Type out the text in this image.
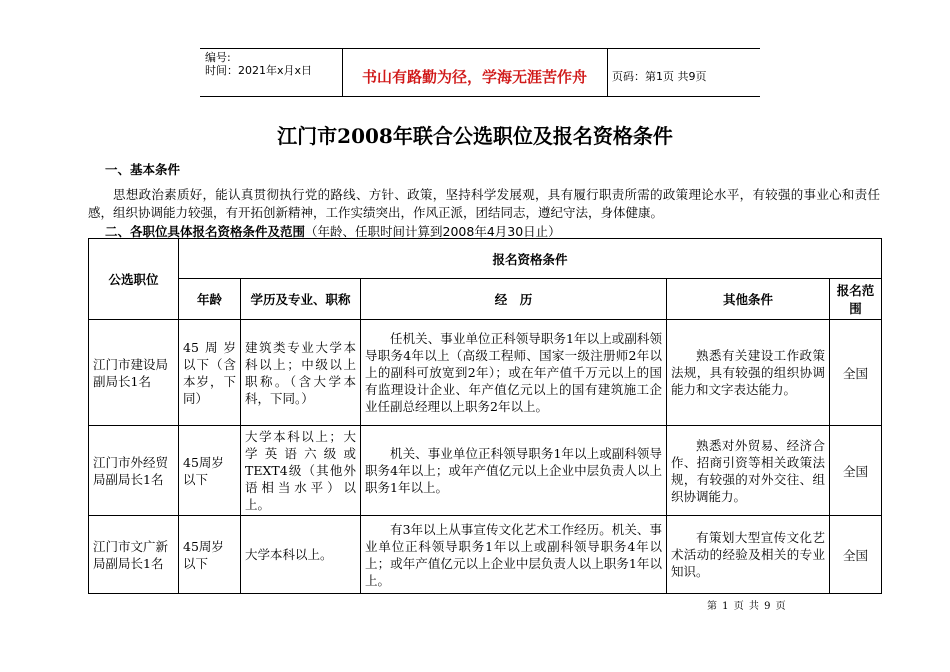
编号:
时间：2021年x月x日	书山有路勤为径，学海无涯苦作舟	页码：第1页 共9页
江门市2008年联合公选职位及报名资格条件
一、基本条件
思想政治素质好，能认真贯彻执行党的路线、方针、政策，坚持科学发展观，具有履行职责所需的政策理论水平，有较强的事业心和责任感，组织协调能力较强，有开拓创新精神，工作实绩突出，作风正派，团结同志，遵纪守法，身体健康。
二、各职位具体报名资格条件及范围（年龄、任职时间计算到2008年4月30日止）
公选职位	报名资格条件				
	年龄	学历及专业、职称	经　历	其他条件	报名范围
江门市建设局副局长1名	45周岁以下（含本岁，下同）	建筑类专业大学本科以上；中级以上职称。（含大学本科，下同。）	任机关、事业单位正科领导职务1年以上或副科领导职务4年以上（高级工程师、国家一级注册师2年以上的副科可放宽到2年）；或在年产值千万元以上的国有监理设计企业、年产值亿元以上的国有建筑施工企业任副总经理以上职务2年以上。	熟悉有关建设工作政策法规，具有较强的组织协调能力和文字表达能力。	全国
江门市外经贸局副局长1名	45周岁以下	大学本科以上；大学英语六级或TEXT4级（其他外语相当水平）以上。	机关、事业单位正科领导职务1年以上或副科领导职务4年以上；或年产值亿元以上企业中层负责人以上职务1年以上。	熟悉对外贸易、经济合作、招商引资等相关政策法规，有较强的对外交往、组织协调能力。	全国
江门市文广新局副局长1名	45周岁以下	大学本科以上。	有3年以上从事宣传文化艺术工作经历。机关、事业单位正科领导职务1年以上或副科领导职务4年以上；或年产值亿元以上企业中层负责人以上职务1年以上。	有策划大型宣传文化艺术活动的经验及相关的专业知识。	全国
第 1 页 共 9 页
